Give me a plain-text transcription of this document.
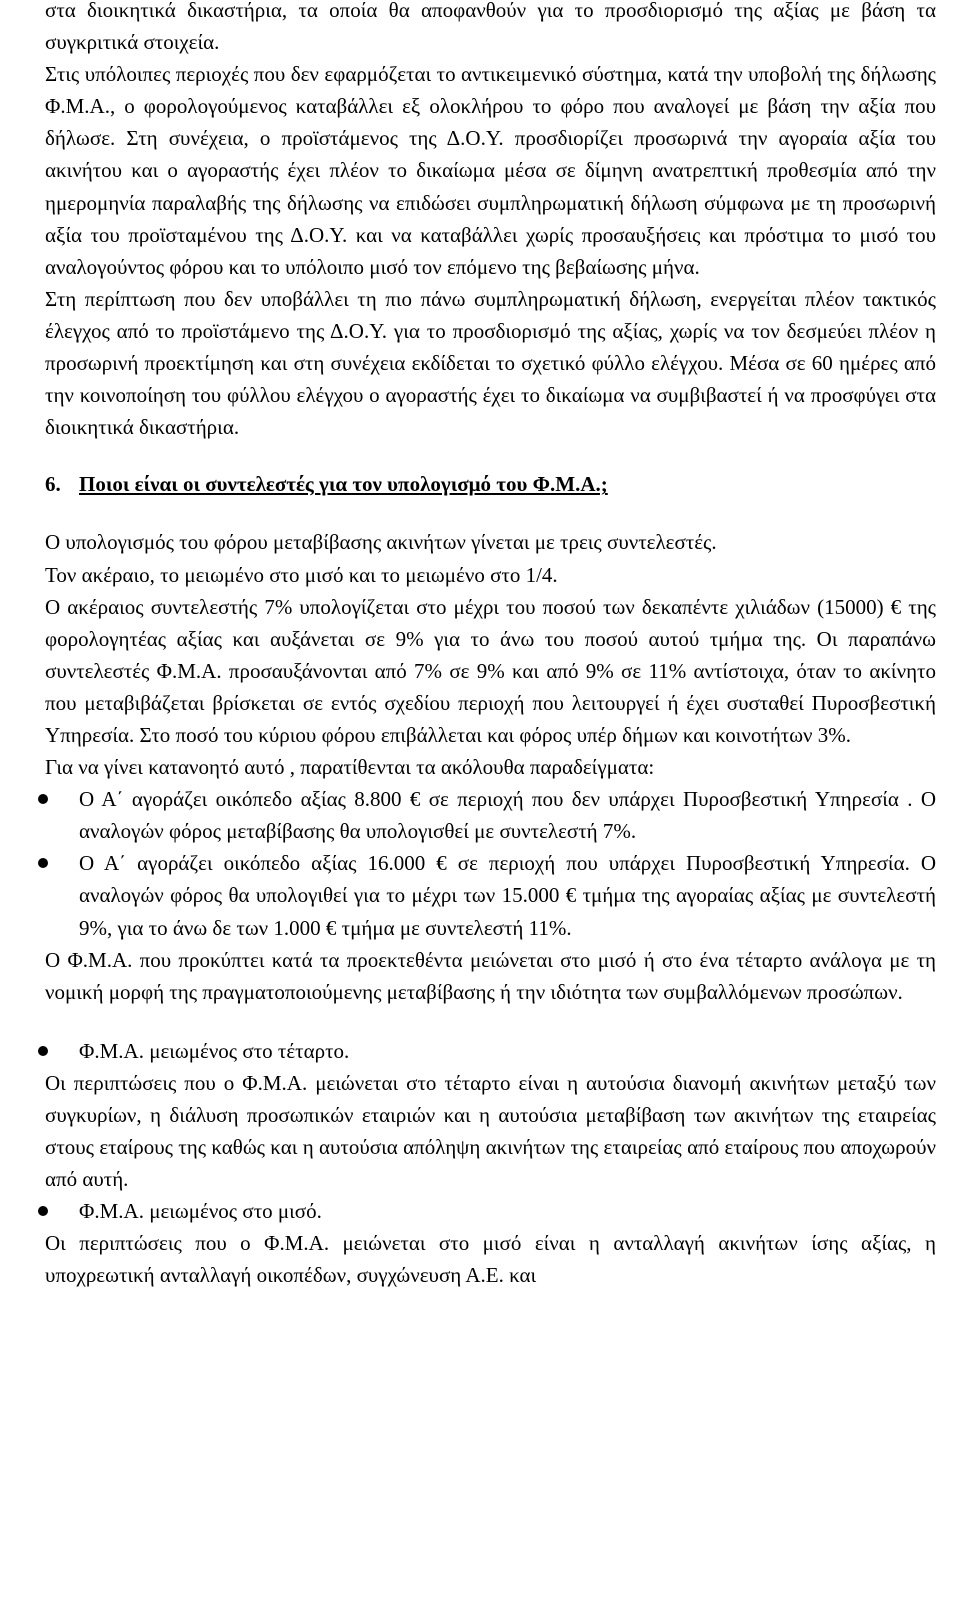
στα διοικητικά δικαστήρια, τα οποία θα αποφανθούν για το προσδιορισμό της αξίας με βάση τα συγκριτικά στοιχεία.

Στις υπόλοιπες περιοχές που δεν εφαρμόζεται το αντικειμενικό σύστημα, κατά την υποβολή της δήλωσης Φ.Μ.Α., ο φορολογούμενος καταβάλλει εξ ολοκλήρου το φόρο που αναλογεί με βάση την αξία που δήλωσε. Στη συνέχεια, ο προϊστάμενος της Δ.Ο.Υ. προσδιορίζει προσωρινά την αγοραία αξία του ακινήτου και ο αγοραστής έχει πλέον το δικαίωμα μέσα σε δίμηνη ανατρεπτική προθεσμία από την ημερομηνία παραλαβής της δήλωσης να επιδώσει συμπληρωματική δήλωση σύμφωνα με τη προσωρινή αξία του προϊσταμένου της Δ.Ο.Υ. και να καταβάλλει χωρίς προσαυξήσεις και πρόστιμα το μισό του αναλογούντος φόρου και το υπόλοιπο μισό τον επόμενο της βεβαίωσης μήνα.

Στη περίπτωση που δεν υποβάλλει τη πιο πάνω συμπληρωματική δήλωση, ενεργείται πλέον τακτικός έλεγχος από το προϊστάμενο της Δ.Ο.Υ. για το προσδιορισμό της αξίας, χωρίς να τον δεσμεύει πλέον η προσωρινή προεκτίμηση και στη συνέχεια εκδίδεται το σχετικό φύλλο ελέγχου. Μέσα σε 60 ημέρες από την κοινοποίηση του φύλλου ελέγχου ο αγοραστής έχει το δικαίωμα να συμβιβαστεί ή να προσφύγει στα διοικητικά δικαστήρια.

6. Ποιοι είναι οι συντελεστές για τον υπολογισμό του Φ.Μ.Α.;

Ο υπολογισμός του φόρου μεταβίβασης ακινήτων γίνεται με τρεις συντελεστές.

Τον ακέραιο, το μειωμένο στο μισό και το μειωμένο στο 1/4.

Ο ακέραιος συντελεστής 7% υπολογίζεται στο μέχρι του ποσού των δεκαπέντε χιλιάδων (15000) € της φορολογητέας αξίας και αυξάνεται σε 9% για το άνω του ποσού αυτού τμήμα της. Οι παραπάνω συντελεστές Φ.Μ.Α. προσαυξάνονται από 7% σε 9% και από 9% σε 11% αντίστοιχα, όταν το ακίνητο που μεταβιβάζεται βρίσκεται σε εντός σχεδίου περιοχή που λειτουργεί ή έχει συσταθεί Πυροσβεστική Υπηρεσία. Στο ποσό του κύριου φόρου επιβάλλεται και φόρος υπέρ δήμων και κοινοτήτων 3%.

Για να γίνει κατανοητό αυτό , παρατίθενται τα ακόλουθα παραδείγματα:

Ο Α΄ αγοράζει οικόπεδο αξίας 8.800 € σε περιοχή που δεν υπάρχει Πυροσβεστική Υπηρεσία . Ο αναλογών φόρος μεταβίβασης θα υπολογισθεί με συντελεστή 7%.
Ο Α΄ αγοράζει οικόπεδο αξίας 16.000 € σε περιοχή που υπάρχει Πυροσβεστική Υπηρεσία. Ο αναλογών φόρος θα υπολογιθεί για το μέχρι των 15.000 € τμήμα της αγοραίας αξίας με συντελεστή 9%, για το άνω δε των 1.000 € τμήμα με συντελεστή 11%.

Ο Φ.Μ.Α. που προκύπτει κατά τα προεκτεθέντα μειώνεται στο μισό ή στο ένα τέταρτο ανάλογα με τη νομική μορφή της πραγματοποιούμενης μεταβίβασης ή την ιδιότητα των συμβαλλόμενων προσώπων.

Φ.Μ.Α. μειωμένος στο τέταρτο.

Οι περιπτώσεις που ο Φ.Μ.Α. μειώνεται στο τέταρτο είναι η αυτούσια διανομή ακινήτων μεταξύ των συγκυρίων, η διάλυση προσωπικών εταιριών και η αυτούσια μεταβίβαση των ακινήτων της εταιρείας στους εταίρους της καθώς και η αυτούσια απόληψη ακινήτων της εταιρείας από εταίρους που αποχωρούν από αυτή.

Φ.Μ.Α. μειωμένος στο μισό.

Οι περιπτώσεις που ο Φ.Μ.Α. μειώνεται στο μισό είναι η ανταλλαγή ακινήτων ίσης αξίας, η υποχρεωτική ανταλλαγή οικοπέδων, συγχώνευση Α.Ε. και
